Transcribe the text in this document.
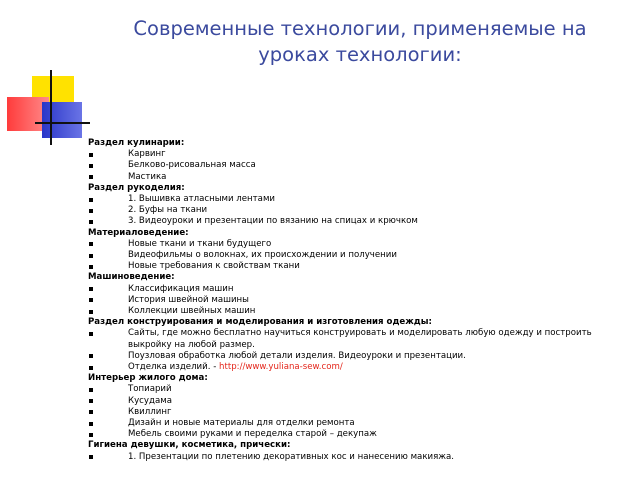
Современные технологии, применяемые на
уроках технологии:
Раздел кулинарии:
Карвинг
Белково-рисовальная масса
Мастика
Раздел рукоделия:
1. Вышивка атласными лентами
2. Буфы на ткани
3. Видеоуроки и презентации по вязанию на спицах и крючком
Материаловедение:
Новые ткани и ткани будущего
Видеофильмы о волокнах, их происхождении и получении
Новые требования к свойствам ткани
Машиноведение:
Классификация машин
История швейной машины
Коллекции швейных машин
Раздел конструирования и моделирования и изготовления одежды:
Сайты, где можно бесплатно научиться конструировать и моделировать любую одежду и построить выкройку на любой размер.
Поузловая обработка любой детали изделия. Видеоуроки и презентации.
Отделка изделий. - http://www.yuliana-sew.com/
Интерьер жилого дома:
Топиарий
Кусудама
Квиллинг
Дизайн и новые материалы для отделки ремонта
Мебель своими руками и переделка старой – декупаж
Гигиена девушки, косметика, прически:
1. Презентации по плетению декоративных кос и нанесению макияжа.
